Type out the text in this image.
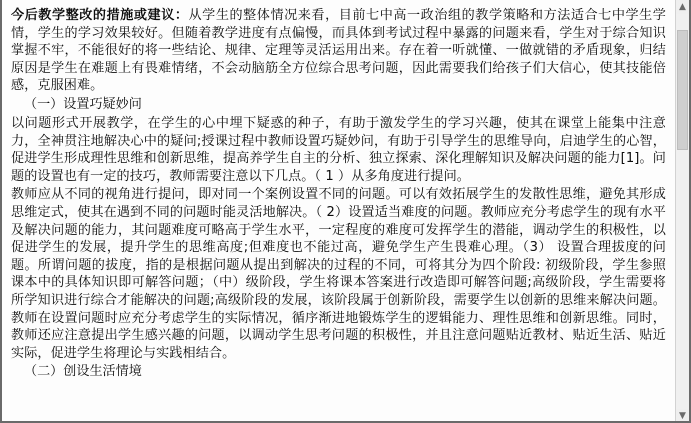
今后教学整改的措施或建议：从学生的整体情况来看，目前七中高一政治组的教学策略和方法适合七中学生学情，学生的学习效果较好。但随着教学进度有点偏慢，而具体到考试过程中暴露的问题来看，学生对于综合知识掌握不牢，不能很好的将一些结论、规律、定理等灵活运用出来。存在着一听就懂、一做就错的矛盾现象，归结原因是学生在难题上有畏难情绪，不会动脑筋全方位综合思考问题，因此需要我们给孩子们大信心，使其技能倍感，克服困难。

（一）设置巧疑妙问

以问题形式开展教学，在学生的心中埋下疑惑的种子，有助于激发学生的学习兴趣，使其在课堂上能集中注意力，全神贯注地解决心中的疑问;授课过程中教师设置巧疑妙问，有助于引导学生的思维导向，启迪学生的心智，促进学生形成理性思维和创新思维，提高养学生自主的分析、独立探索、深化理解知识及解决问题的能力[1]。问题的设置也有一定的技巧，教师需要注意以下几点。（ 1 ）从多角度进行提问。

教师应从不同的视角进行提问，即对同一个案例设置不同的问题。可以有效拓展学生的发散性思维，避免其形成思维定式，使其在遇到不同的问题时能灵活地解决。（ 2）设置适当难度的问题。教师应充分考虑学生的现有水平及解决问题的能力，其问题难度可略高于学生水平，一定程度的难度可发挥学生的潜能，调动学生的积极性，以促进学生的发展，提升学生的思维高度;但难度也不能过高，避免学生产生畏难心理。（3） 设置合理拔度的问题。所谓问题的拔度，指的是根据问题从提出到解决的过程的不同，可将其分为四个阶段: 初级阶段，学生参照课本中的具体知识即可解答问题；（中）级阶段，学生将课本答案进行改造即可解答问题;高级阶段，学生需要将所学知识进行综合才能解决的问题;高级阶段的发展，该阶段属于创新阶段，需要学生以创新的思维来解决问题。教师在设置问题时应充分考虑学生的实际情况，循序渐进地锻炼学生的逻辑能力、理性思维和创新思维。同时，教师还应注意提出学生感兴趣的问题，以调动学生思考问题的积极性，并且注意问题贴近教材、贴近生活、贴近实际，促进学生将理论与实践相结合。

（二）创设生活情境

▲
▼
